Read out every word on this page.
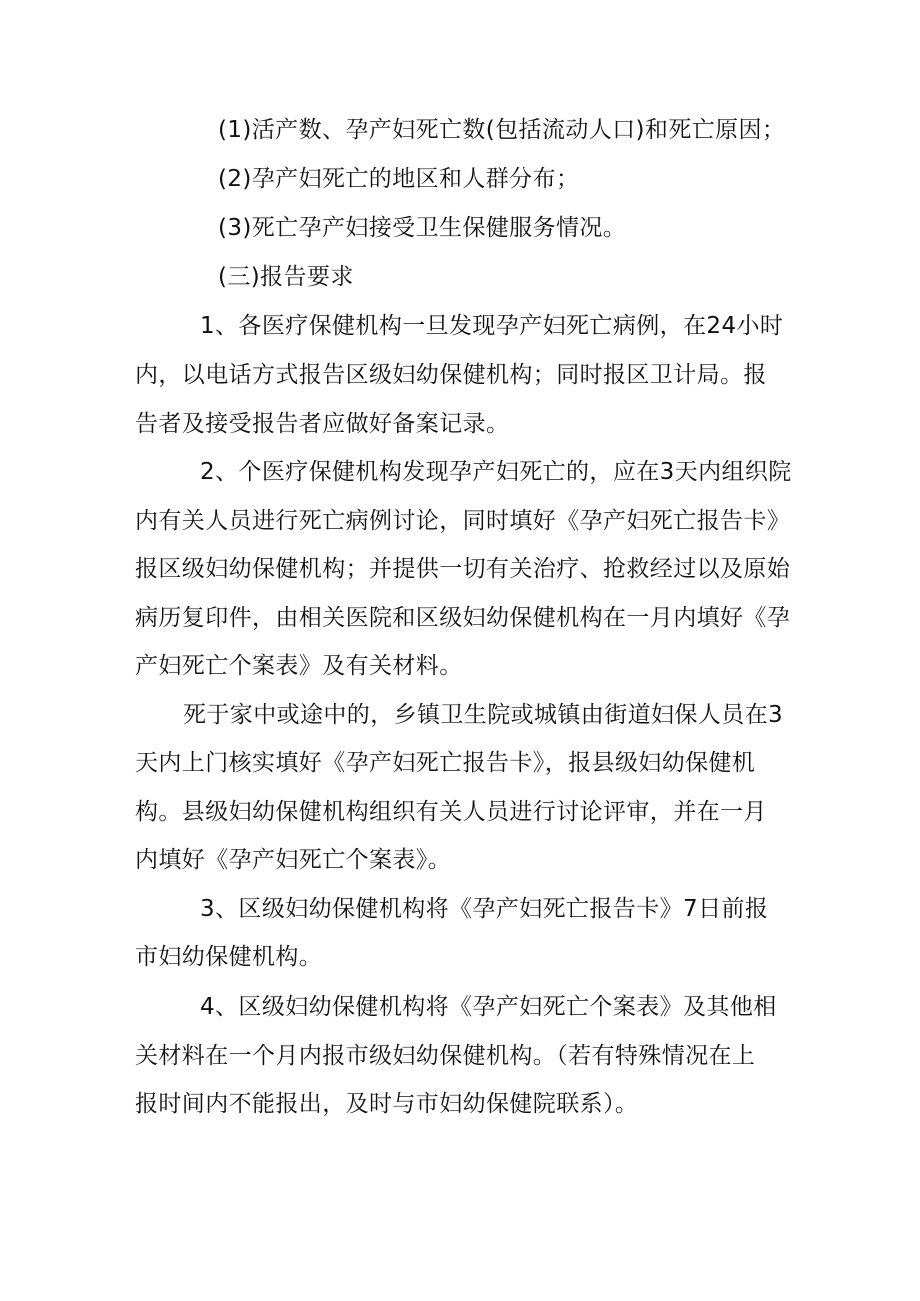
(1)活产数、孕产妇死亡数(包括流动人口)和死亡原因；
(2)孕产妇死亡的地区和人群分布；
(3)死亡孕产妇接受卫生保健服务情况。
(三)报告要求
1、各医疗保健机构一旦发现孕产妇死亡病例，在24小时
内，以电话方式报告区级妇幼保健机构；同时报区卫计局。报
告者及接受报告者应做好备案记录。
2、个医疗保健机构发现孕产妇死亡的，应在3天内组织院
内有关人员进行死亡病例讨论，同时填好《孕产妇死亡报告卡》
报区级妇幼保健机构；并提供一切有关治疗、抢救经过以及原始
病历复印件，由相关医院和区级妇幼保健机构在一月内填好《孕
产妇死亡个案表》及有关材料。
死于家中或途中的，乡镇卫生院或城镇由街道妇保人员在3
天内上门核实填好《孕产妇死亡报告卡》，报县级妇幼保健机
构。县级妇幼保健机构组织有关人员进行讨论评审，并在一月
内填好《孕产妇死亡个案表》。
3、区级妇幼保健机构将《孕产妇死亡报告卡》7日前报
市妇幼保健机构。
4、区级妇幼保健机构将《孕产妇死亡个案表》及其他相
关材料在一个月内报市级妇幼保健机构。（若有特殊情况在上
报时间内不能报出，及时与市妇幼保健院联系）。
